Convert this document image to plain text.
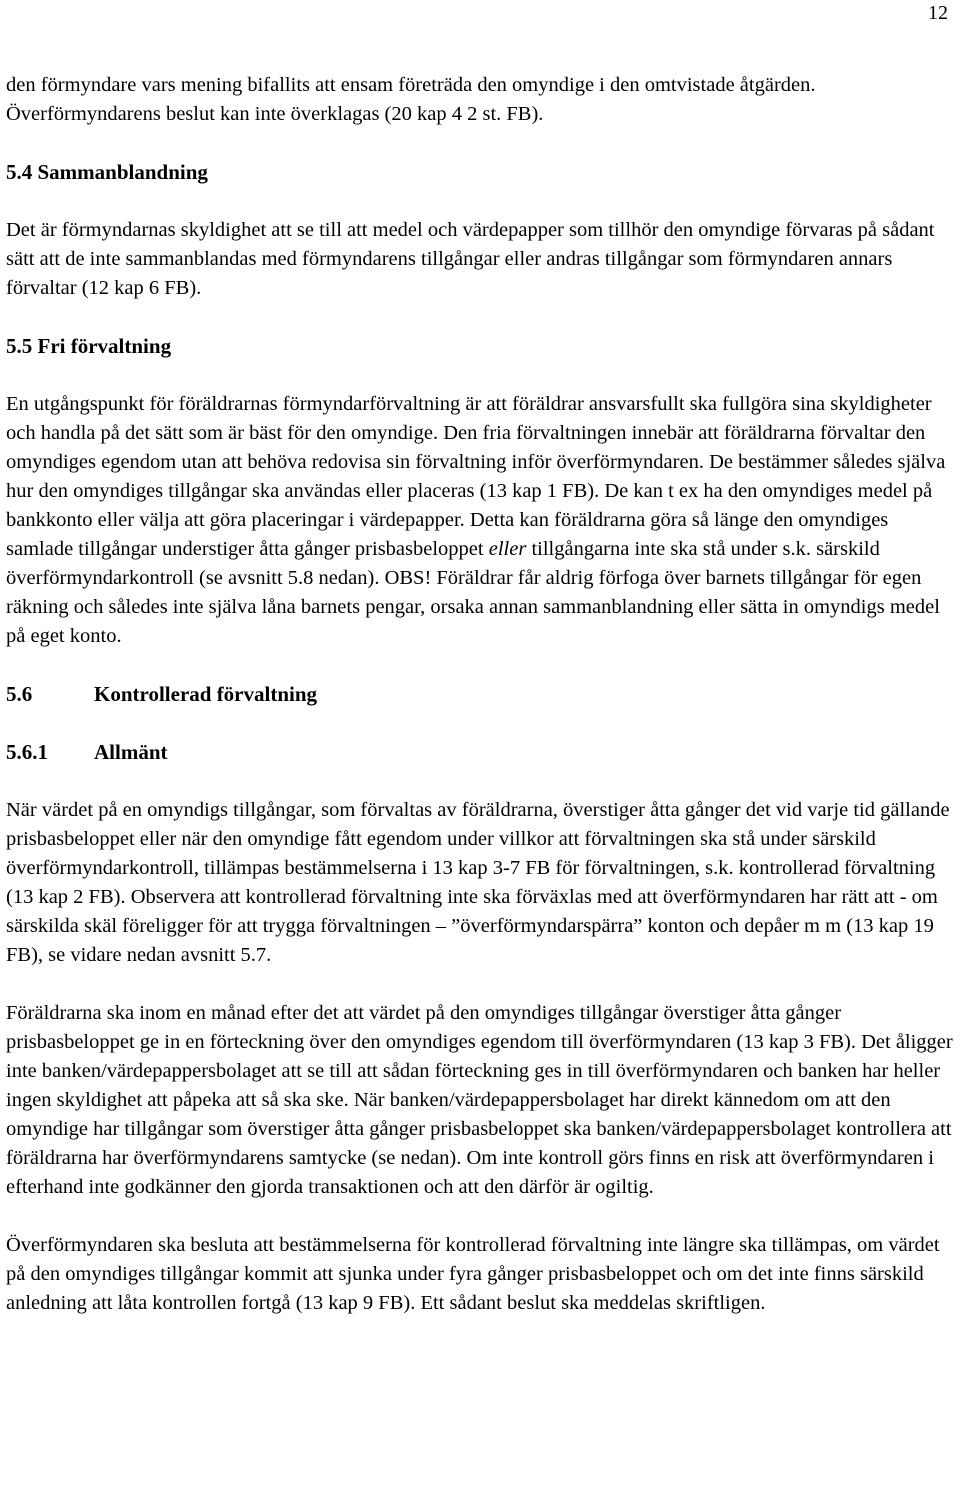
12

den förmyndare vars mening bifallits att ensam företräda den omyndige i den omtvistade åtgärden. Överförmyndarens beslut kan inte överklagas (20 kap 4 2 st. FB).

5.4 Sammanblandning

Det är förmyndarnas skyldighet att se till att medel och värdepapper som tillhör den omyndige förvaras på sådant sätt att de inte sammanblandas med förmyndarens tillgångar eller andras tillgångar som förmyndaren annars förvaltar (12 kap 6 FB).

5.5 Fri förvaltning

En utgångspunkt för föräldrarnas förmyndarförvaltning är att föräldrar ansvarsfullt ska fullgöra sina skyldigheter och handla på det sätt som är bäst för den omyndige. Den fria förvaltningen innebär att föräldrarna förvaltar den omyndiges egendom utan att behöva redovisa sin förvaltning inför överförmyndaren. De bestämmer således själva hur den omyndiges tillgångar ska användas eller placeras (13 kap 1 FB). De kan t ex ha den omyndiges medel på bankkonto eller välja att göra placeringar i värdepapper. Detta kan föräldrarna göra så länge den omyndiges samlade tillgångar understiger åtta gånger prisbasbeloppet eller tillgångarna inte ska stå under s.k. särskild överförmyndarkontroll (se avsnitt 5.8 nedan). OBS! Föräldrar får aldrig förfoga över barnets tillgångar för egen räkning och således inte själva låna barnets pengar, orsaka annan sammanblandning eller sätta in omyndigs medel på eget konto.

5.6	Kontrollerad förvaltning
5.6.1 Allmänt

När värdet på en omyndigs tillgångar, som förvaltas av föräldrarna, överstiger åtta gånger det vid varje tid gällande prisbasbeloppet eller när den omyndige fått egendom under villkor att förvaltningen ska stå under särskild överförmyndarkontroll, tillämpas bestämmelserna i 13 kap 3-7 FB för förvaltningen, s.k. kontrollerad förvaltning (13 kap 2 FB). Observera att kontrollerad förvaltning inte ska förväxlas med att överförmyndaren har rätt att - om särskilda skäl föreligger för att trygga förvaltningen – ”överförmyndarspärra” konton och depåer m m (13 kap 19 FB), se vidare nedan avsnitt 5.7.

Föräldrarna ska inom en månad efter det att värdet på den omyndiges tillgångar överstiger åtta gånger prisbasbeloppet ge in en förteckning över den omyndiges egendom till överförmyndaren (13 kap 3 FB). Det åligger inte banken/värdepappersbolaget att se till att sådan förteckning ges in till överförmyndaren och banken har heller ingen skyldighet att påpeka att så ska ske. När banken/värdepappersbolaget har direkt kännedom om att den omyndige har tillgångar som överstiger åtta gånger prisbasbeloppet ska banken/värdepappersbolaget kontrollera att föräldrarna har överförmyndarens samtycke (se nedan). Om inte kontroll görs finns en risk att överförmyndaren i efterhand inte godkänner den gjorda transaktionen och att den därför är ogiltig.

Överförmyndaren ska besluta att bestämmelserna för kontrollerad förvaltning inte längre ska tillämpas, om värdet på den omyndiges tillgångar kommit att sjunka under fyra gånger prisbasbeloppet och om det inte finns särskild anledning att låta kontrollen fortgå (13 kap 9 FB). Ett sådant beslut ska meddelas skriftligen.
